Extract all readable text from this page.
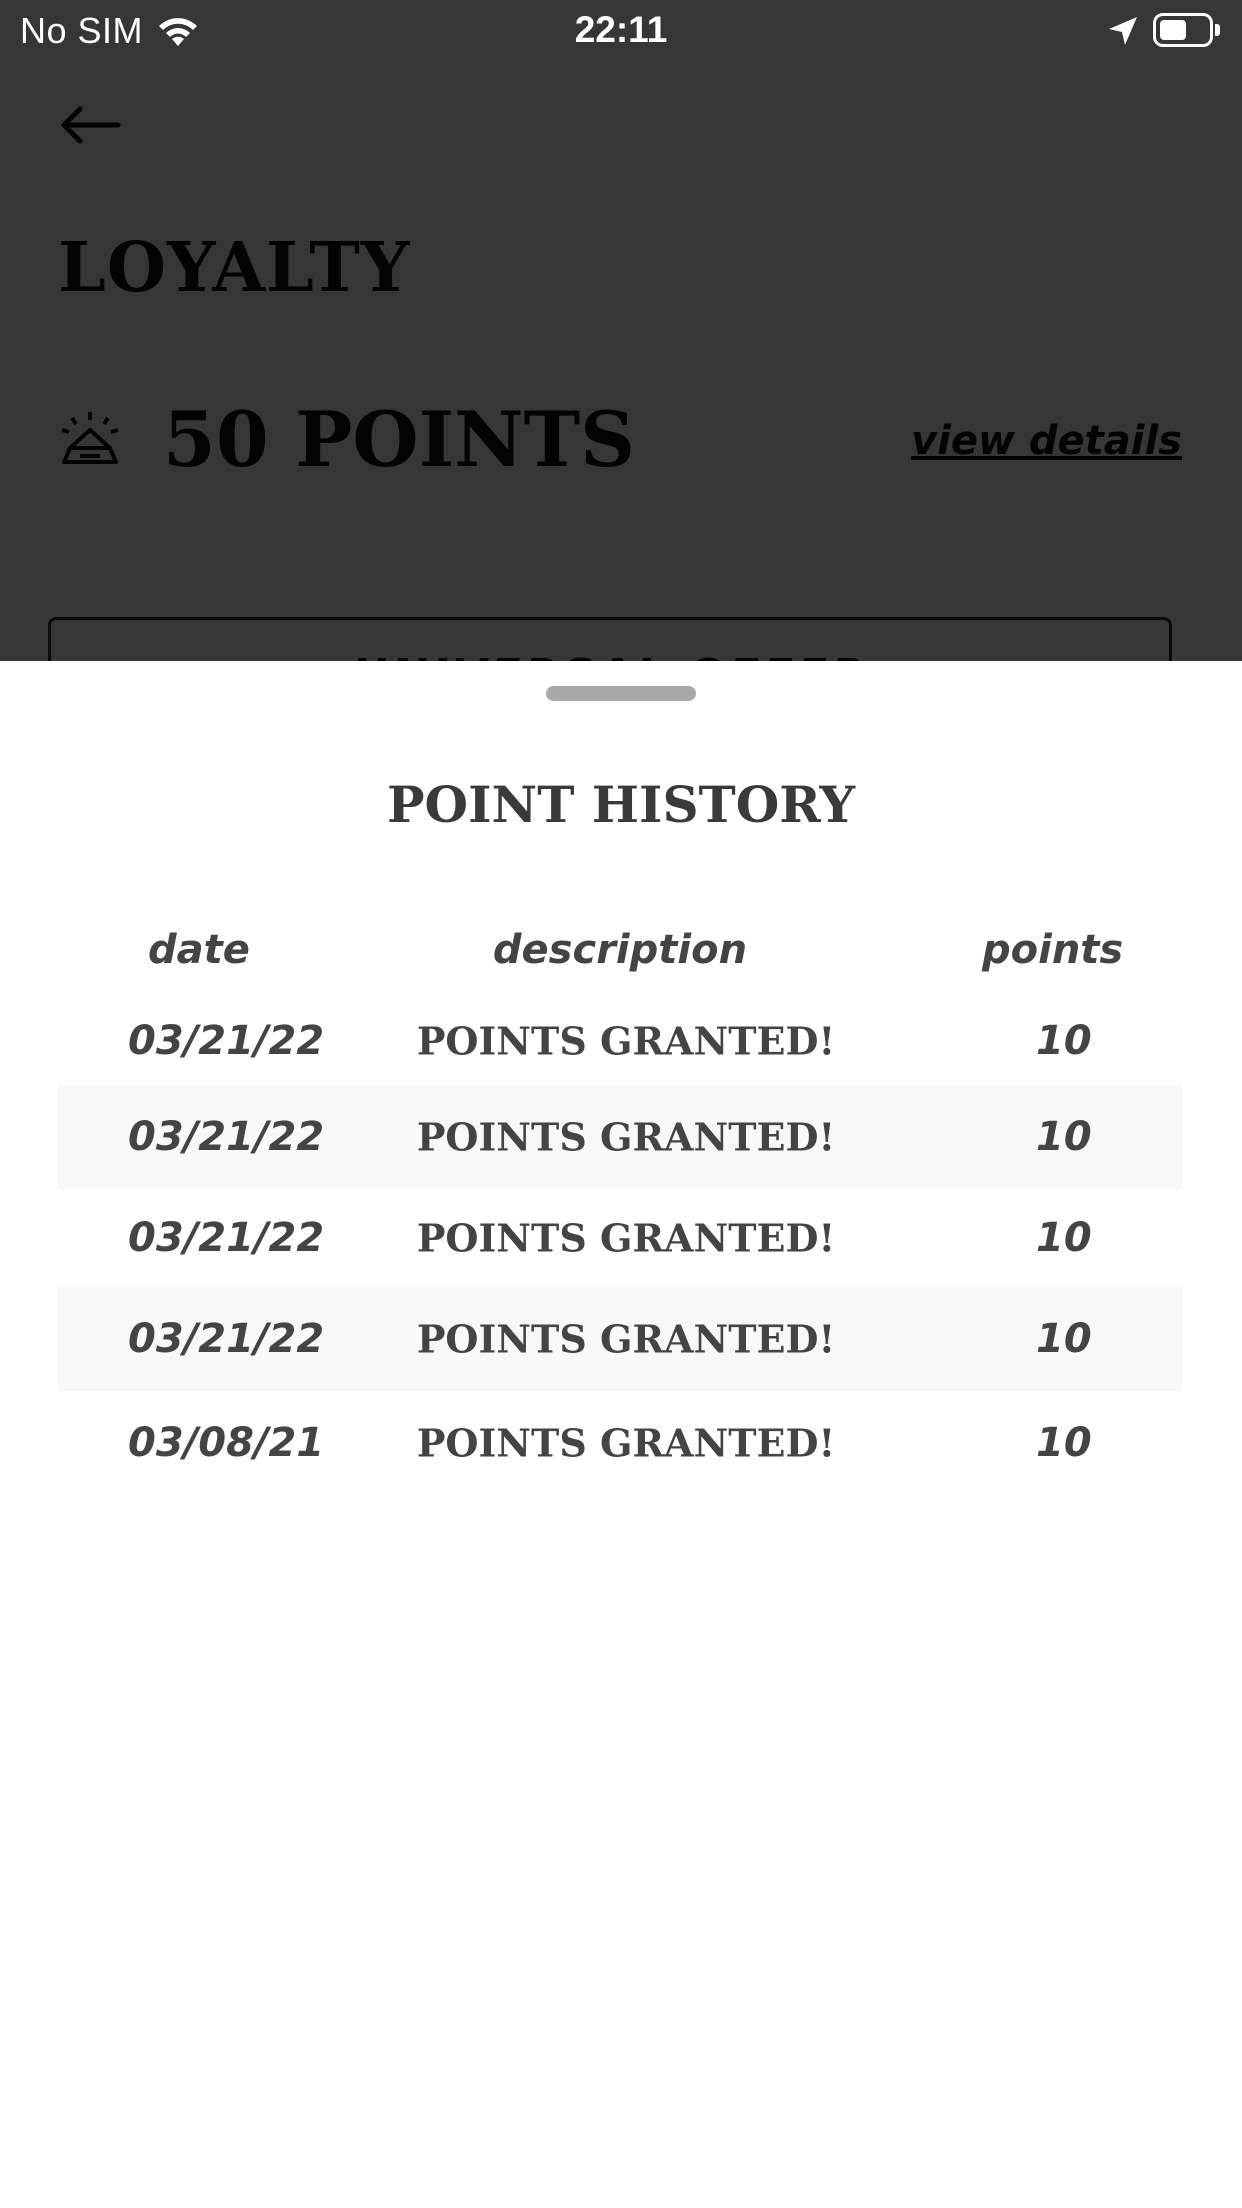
No SIM	22:11
POINT HISTORY
date	description	points
03/21/22	POINTS GRANTED!	10
03/21/22	POINTS GRANTED!	10
03/21/22	POINTS GRANTED!	10
03/21/22	POINTS GRANTED!	10
03/08/21	POINTS GRANTED!	10
